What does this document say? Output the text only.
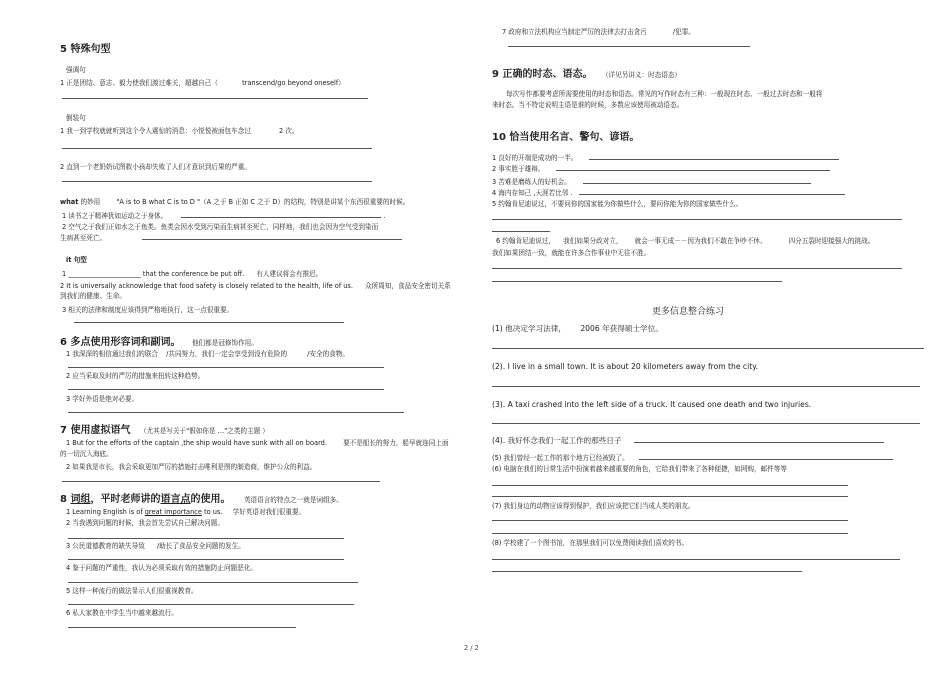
5 特殊句型
强调句
1 正是团结、意志、毅力使我们渡过难关，超越自己（	transcend/go beyond oneself）
倒装句
1 我一到学校就就听到这个令人震惊的消息：小悦悦被面包车念过	2 次。
2 直到一个老奶奶试图救小孩却失败了人们才意识到后果的严重。
what 的妙用 "A is to B what C is to D "（A 之于 B 正如 C 之于 D）的结构，特别是讲某个东西很重要的时候。
1 读书之于精神犹如运动之于身体。	.
2 空气之于我们正如水之于鱼类。鱼类会因水受到污染而生病甚至死亡，同样地，我们也会因为空气受到染而
生病甚至死亡。
it 句型
1 ______________________ that the conference be put off. 有人建议将会有推迟。
2 It is universally acknowledge that food safety is closely related to the health, life of us. 众所周知，食品安全密切关系
到我们的健康、生命。
3 相关的法律和制度应该得到严格地执行，这一点很重要。
6 多点使用形容词和副词。 他们都是冠修饰作用。
1 我深深的相信通过我们的联合 /共同努力，我们一定会享受到没有危险的	/安全的食物。
2 应当采取及时的严厉的措施来扭转这种趋势。
3 学好外语是绝对必要。
7 使用虚拟语气 （尤其是写关于"假如你是 …"之类的主题 ）
1 But for the efforts of the captain ,the ship would have sunk with all on board. 要不是船长的努力，船早就连同上面
的一切沉入海底。
2 如果我是市长，我会采取更加严厉的措施打击唯利是图的制造商，维护公众的利益。
8 词组，平时老师讲的语言点的使用。 英语语言的特点之一就是词组多。
1 Learning English is of great importance to us. 学好英语对我们很重要。
2 当我遇到问题的时候，我会首先尝试自己解决问题。
3 公民道德教育的缺失导致 /助长了食品安全问题的发生。
4 鉴于问题的严重性，我认为必须采取有效的措施防止问题恶化。
5 这样一种流行的做法显示人们很重视教育。
6 私人家教在中学生当中越来越流行。
7 政府和立法机构应当制定严厉的法律去打击贪污	/犯罪。
9 正确的时态、语态。 （详见另讲义：时态语态）
每次写作都要考虑所需要使用的时态和语态。常见的写作时态有三种：一般现在时态、一般过去时态和一般将
来时态。当不特定说明主语是谁的时候，多数应该使用被动语态。
10 恰当使用名言、警句、谚语。
1 良好的开端是成功的一半。
2 事实胜于雄辩。
3 苦难是磨练人的好机会。
4 海内存知己 ,天涯若比邻 .
5 约翰肯尼迪说过，不要问你的国家能为你做些什么，要问你能为你的国家做些什么。
6 约翰肯尼迪说过， 我们如果分政对立， 就会一事无成－－因为我们不敢在争吵不休、	四分五裂时迎接强大的挑战。
我们如果团结一致，就能在许多合作事业中无往不胜。
更多信息整合练习
(1) 他决定学习法律， 2006 年获得硕士学位。
(2). I live in a small town. It is about 20 kilometers away from the city.
(3). A taxi crashed into the left side of a truck. It caused one death and two injuries.
(4). 我好怀念我们一起工作的那些日子
(5) 我们曾经一起工作的那个地方已经被毁了。
(6) 电脑在我们的日常生活中扮演着越来越重要的角色，它给我们带来了各种便捷，如网购，邮件等等
(7) 我们身边的动物应该得到保护，我们应该把它们当成人类的朋友。
(8) 学校建了一个图书馆，在那里我们可以免费阅读我们喜欢的书。
2 / 2
